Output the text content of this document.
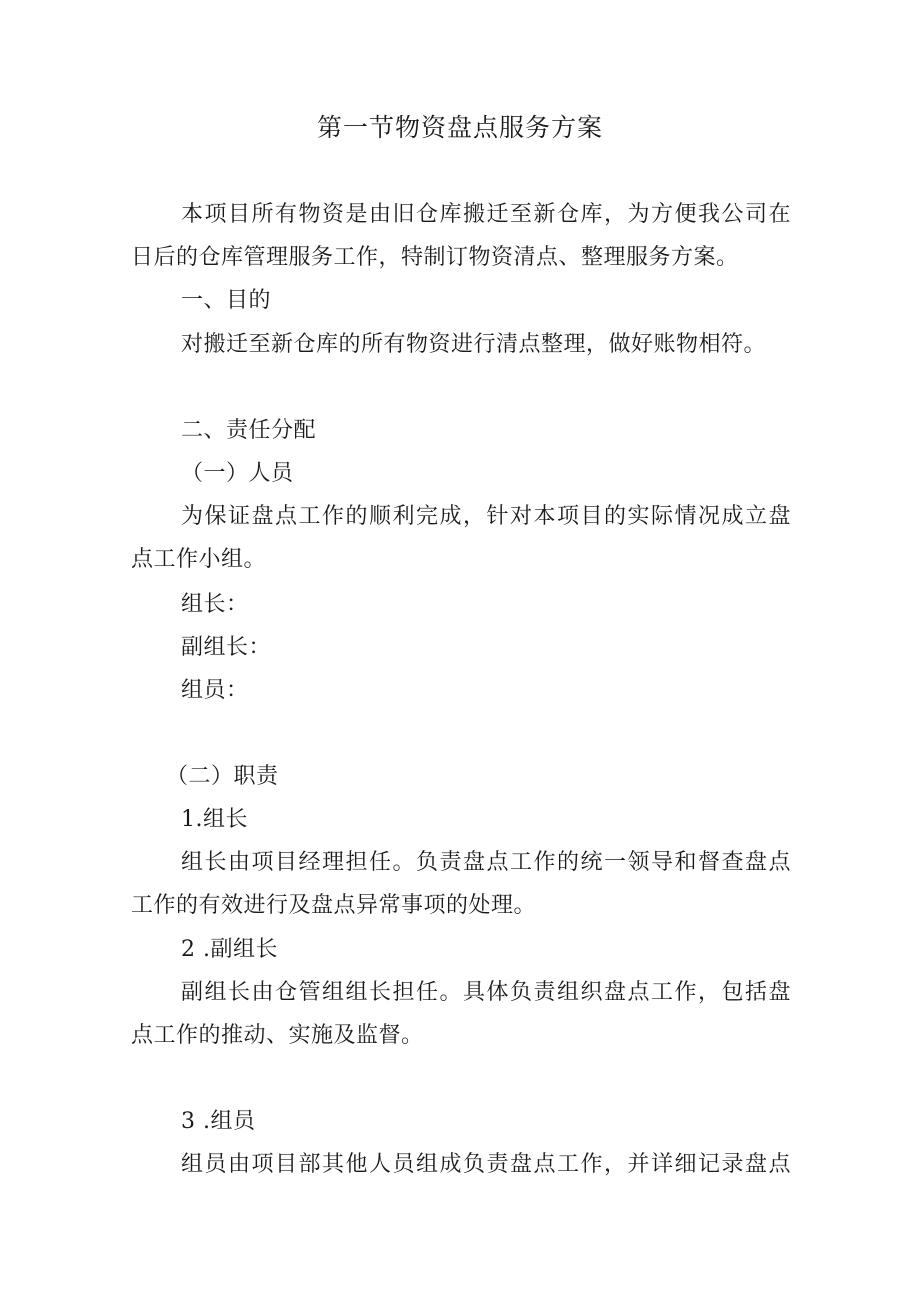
第一节物资盘点服务方案
本项目所有物资是由旧仓库搬迁至新仓库，为方便我公司在
日后的仓库管理服务工作，特制订物资清点、整理服务方案。
一、目的
对搬迁至新仓库的所有物资进行清点整理，做好账物相符。
二、责任分配
（一）人员
为保证盘点工作的顺利完成，针对本项目的实际情况成立盘
点工作小组。
组长：
副组长：
组员：
（二）职责
1.组长
组长由项目经理担任。负责盘点工作的统一领导和督查盘点
工作的有效进行及盘点异常事项的处理。
2 .副组长
副组长由仓管组组长担任。具体负责组织盘点工作，包括盘
点工作的推动、实施及监督。
3 .组员
组员由项目部其他人员组成负责盘点工作，并详细记录盘点
